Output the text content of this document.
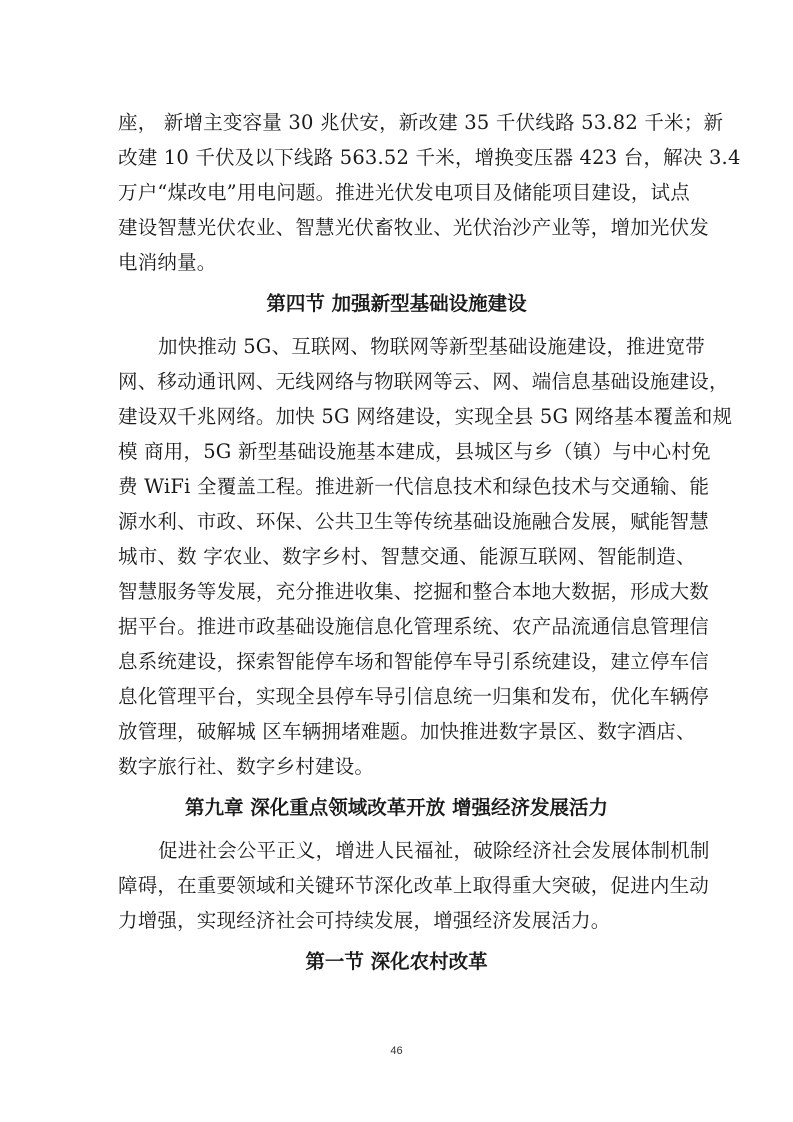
座， 新增主变容量 30 兆伏安，新改建 35 千伏线路 53.82 千米；新
改建 10 千伏及以下线路 563.52 千米，增换变压器 423 台，解决 3.4
万户“煤改电”用电问题。推进光伏发电项目及储能项目建设，试点
建设智慧光伏农业、智慧光伏畜牧业、光伏治沙产业等，增加光伏发
电消纳量。
第四节 加强新型基础设施建设
加快推动 5G、互联网、物联网等新型基础设施建设，推进宽带
网、移动通讯网、无线网络与物联网等云、网、端信息基础设施建设，
建设双千兆网络。加快 5G 网络建设，实现全县 5G 网络基本覆盖和规
模 商用，5G 新型基础设施基本建成，县城区与乡（镇）与中心村免
费 WiFi 全覆盖工程。推进新一代信息技术和绿色技术与交通输、能
源水利、市政、环保、公共卫生等传统基础设施融合发展，赋能智慧
城市、数 字农业、数字乡村、智慧交通、能源互联网、智能制造、
智慧服务等发展，充分推进收集、挖掘和整合本地大数据，形成大数
据平台。推进市政基础设施信息化管理系统、农产品流通信息管理信
息系统建设，探索智能停车场和智能停车导引系统建设，建立停车信
息化管理平台，实现全县停车导引信息统一归集和发布，优化车辆停
放管理，破解城 区车辆拥堵难题。加快推进数字景区、数字酒店、
数字旅行社、数字乡村建设。
第九章 深化重点领域改革开放 增强经济发展活力
促进社会公平正义，增进人民福祉，破除经济社会发展体制机制
障碍，在重要领域和关键环节深化改革上取得重大突破，促进内生动
力增强，实现经济社会可持续发展，增强经济发展活力。
第一节 深化农村改革
46
